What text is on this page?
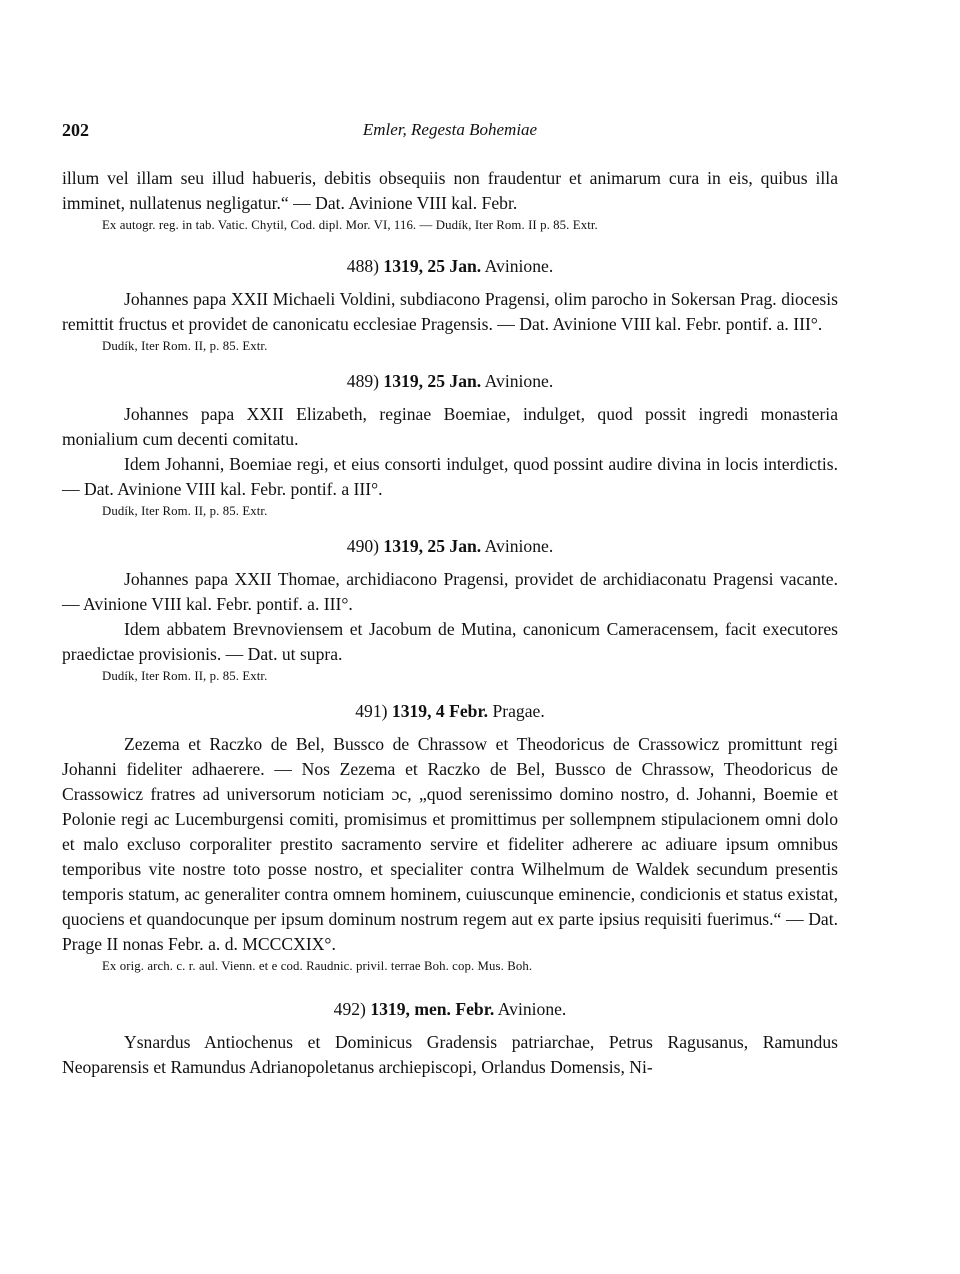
202	Emler, Regesta Bohemiae

illum vel illam seu illud habueris, debitis obsequiis non fraudentur et animarum cura in eis, quibus illa imminet, nullatenus negligatur.“ — Dat. Avinione VIII kal. Febr.

Ex autogr. reg. in tab. Vatic. Chytil, Cod. dipl. Mor. VI, 116. — Dudík, Iter Rom. II p. 85. Extr.

488) 1319, 25 Jan. Avinione.

Johannes papa XXII Michaeli Voldini, subdiacono Pragensi, olim parocho in Sokersan Prag. diocesis remittit fructus et providet de canonicatu ecclesiae Pragensis. — Dat. Avinione VIII kal. Febr. pontif. a. III°.

Dudík, Iter Rom. II, p. 85. Extr.

489) 1319, 25 Jan. Avinione.

Johannes papa XXII Elizabeth, reginae Boemiae, indulget, quod possit ingredi monasteria monialium cum decenti comitatu.

Idem Johanni, Boemiae regi, et eius consorti indulget, quod possint audire divina in locis interdictis. — Dat. Avinione VIII kal. Febr. pontif. a III°.

Dudík, Iter Rom. II, p. 85. Extr.

490) 1319, 25 Jan. Avinione.

Johannes papa XXII Thomae, archidiacono Pragensi, providet de archidiaconatu Pragensi vacante. — Avinione VIII kal. Febr. pontif. a. III°.

Idem abbatem Brevnoviensem et Jacobum de Mutina, canonicum Cameracensem, facit executores praedictae provisionis. — Dat. ut supra.

Dudík, Iter Rom. II, p. 85. Extr.

491) 1319, 4 Febr. Pragae.

Zezema et Raczko de Bel, Bussco de Chrassow et Theodoricus de Crassowicz promittunt regi Johanni fideliter adhaerere. — Nos Zezema et Raczko de Bel, Bussco de Chrassow, Theodoricus de Crassowicz fratres ad universorum noticiam ɔc, „quod serenissimo domino nostro, d. Johanni, Boemie et Polonie regi ac Lucemburgensi comiti, promisimus et promittimus per sollempnem stipulacionem omni dolo et malo excluso corporaliter prestito sacramento servire et fideliter adherere ac adiuare ipsum omnibus temporibus vite nostre toto posse nostro, et specialiter contra Wilhelmum de Waldek secundum presentis temporis statum, ac generaliter contra omnem hominem, cuiuscunque eminencie, condicionis et status existat, quociens et quandocunque per ipsum dominum nostrum regem aut ex parte ipsius requisiti fuerimus.“ — Dat. Prage II nonas Febr. a. d. MCCCXIX°.

Ex orig. arch. c. r. aul. Vienn. et e cod. Raudnic. privil. terrae Boh. cop. Mus. Boh.

492) 1319, men. Febr. Avinione.

Ysnardus Antiochenus et Dominicus Gradensis patriarchae, Petrus Ragusanus, Ramundus Neoparensis et Ramundus Adrianopoletanus archiepiscopi, Orlandus Domensis, Ni-
